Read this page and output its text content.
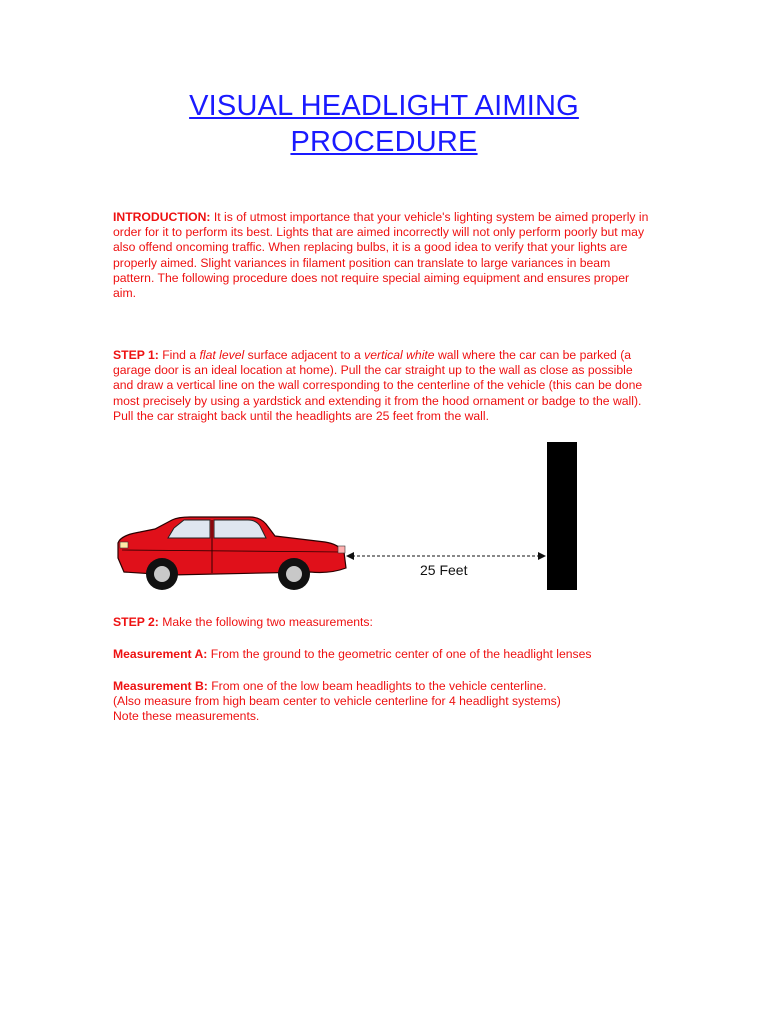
VISUAL HEADLIGHT AIMING
PROCEDURE
INTRODUCTION: It is of utmost importance that your vehicle's lighting system be aimed properly in order for it to perform its best. Lights that are aimed incorrectly will not only perform poorly but may also offend oncoming traffic. When replacing bulbs, it is a good idea to verify that your lights are properly aimed. Slight variances in filament position can translate to large variances in beam pattern. The following procedure does not require special aiming equipment and ensures proper aim.
STEP 1: Find a flat level surface adjacent to a vertical white wall where the car can be parked (a garage door is an ideal location at home). Pull the car straight up to the wall as close as possible and draw a vertical line on the wall corresponding to the centerline of the vehicle (this can be done most precisely by using a yardstick and extending it from the hood ornament or badge to the wall). Pull the car straight back until the headlights are 25 feet from the wall.
25 Feet
STEP 2: Make the following two measurements:
Measurement A: From the ground to the geometric center of one of the headlight lenses
Measurement B: From one of the low beam headlights to the vehicle centerline.
(Also measure from high beam center to vehicle centerline for 4 headlight systems)
Note these measurements.
